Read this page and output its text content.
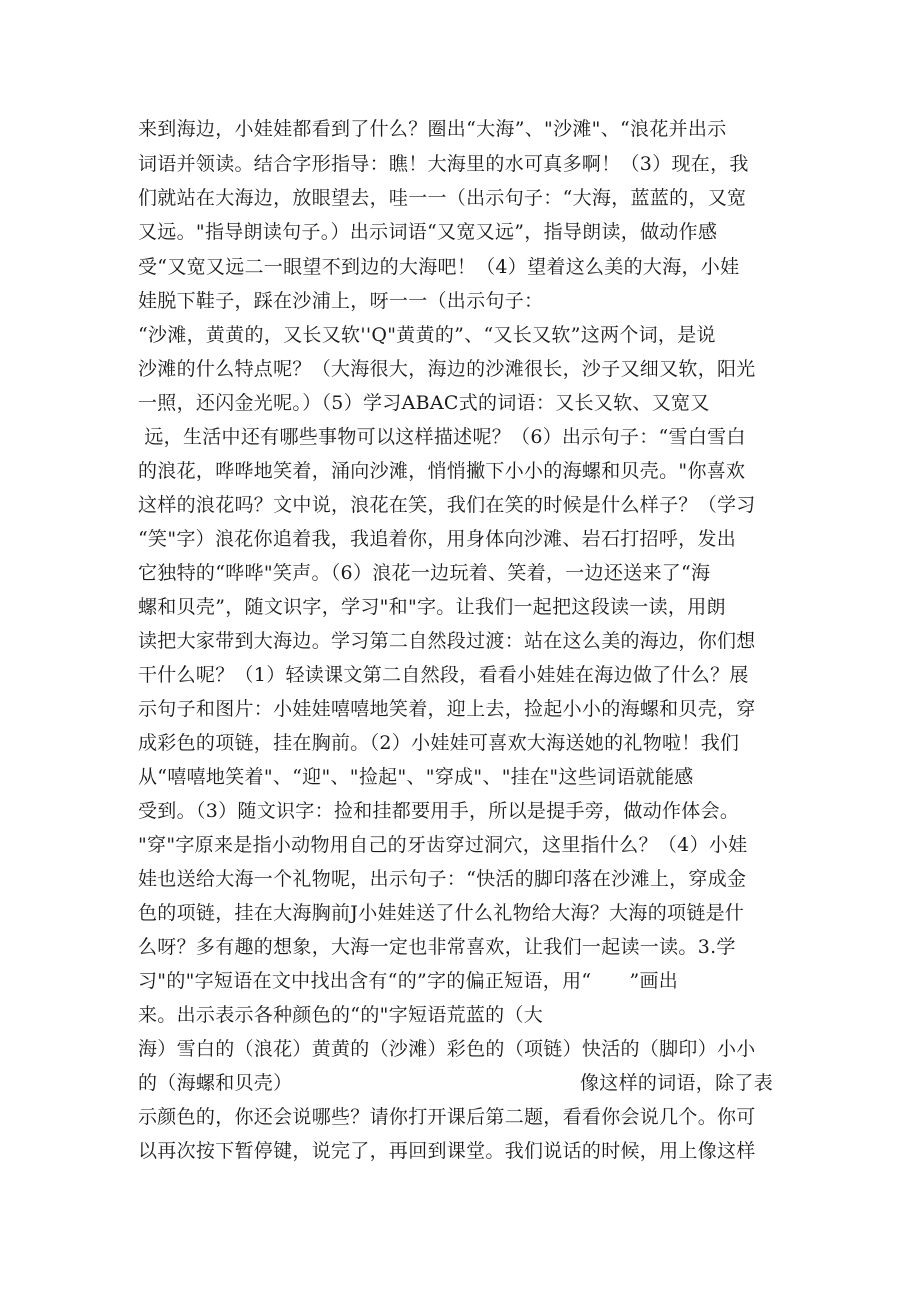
来到海边，小娃娃都看到了什么？圈出“大海”、"沙滩"、“浪花并出示
词语并领读。结合字形指导：瞧！大海里的水可真多啊！（3）现在，我
们就站在大海边，放眼望去，哇一一（出示句子：“大海，蓝蓝的，又宽
又远。"指导朗读句子。）出示词语“又宽又远”，指导朗读，做动作感
受“又宽又远二一眼望不到边的大海吧！（4）望着这么美的大海，小娃
娃脱下鞋子，踩在沙浦上，呀一一（出示句子：
“沙滩，黄黄的，又长又软''Q"黄黄的”、“又长又软”这两个词，是说
沙滩的什么特点呢？（大海很大，海边的沙滩很长，沙子又细又软，阳光
一照，还闪金光呢。）（5）学习ABAC式的词语：又长又软、又宽又
远，生活中还有哪些事物可以这样描述呢？（6）出示句子：“雪白雪白
的浪花，哗哗地笑着，涌向沙滩，悄悄撇下小小的海螺和贝壳。"你喜欢
这样的浪花吗？文中说，浪花在笑，我们在笑的时候是什么样子？（学习
“笑"字）浪花你追着我，我追着你，用身体向沙滩、岩石打招呼，发出
它独特的“哗哗"笑声。（6）浪花一边玩着、笑着，一边还送来了“海
螺和贝壳”，随文识字，学习"和"字。让我们一起把这段读一读，用朗
读把大家带到大海边。学习第二自然段过渡：站在这么美的海边，你们想
干什么呢？（1）轻读课文第二自然段，看看小娃娃在海边做了什么？展
示句子和图片：小娃娃嘻嘻地笑着，迎上去，捡起小小的海螺和贝壳，穿
成彩色的项链，挂在胸前。（2）小娃娃可喜欢大海送她的礼物啦！我们
从“嘻嘻地笑着"、“迎"、"捡起"、"穿成"、"挂在"这些词语就能感
受到。（3）随文识字：捡和挂都要用手，所以是提手旁，做动作体会。
"穿"字原来是指小动物用自己的牙齿穿过洞穴，这里指什么？（4）小娃
娃也送给大海一个礼物呢，出示句子：“快活的脚印落在沙滩上，穿成金
色的项链，挂在大海胸前J小娃娃送了什么礼物给大海？大海的项链是什
么呀？多有趣的想象，大海一定也非常喜欢，让我们一起读一读。3.学
习"的"字短语在文中找出含有“的”字的偏正短语，用“      ”画出
来。出示表示各种颜色的“的"字短语荒蓝的（大
海）雪白的（浪花）黄黄的（沙滩）彩色的（项链）快活的（脚印）小小
的（海螺和贝壳）	像这样的词语，除了表
示颜色的，你还会说哪些？请你打开课后第二题，看看你会说几个。你可
以再次按下暂停键，说完了，再回到课堂。我们说话的时候，用上像这样
